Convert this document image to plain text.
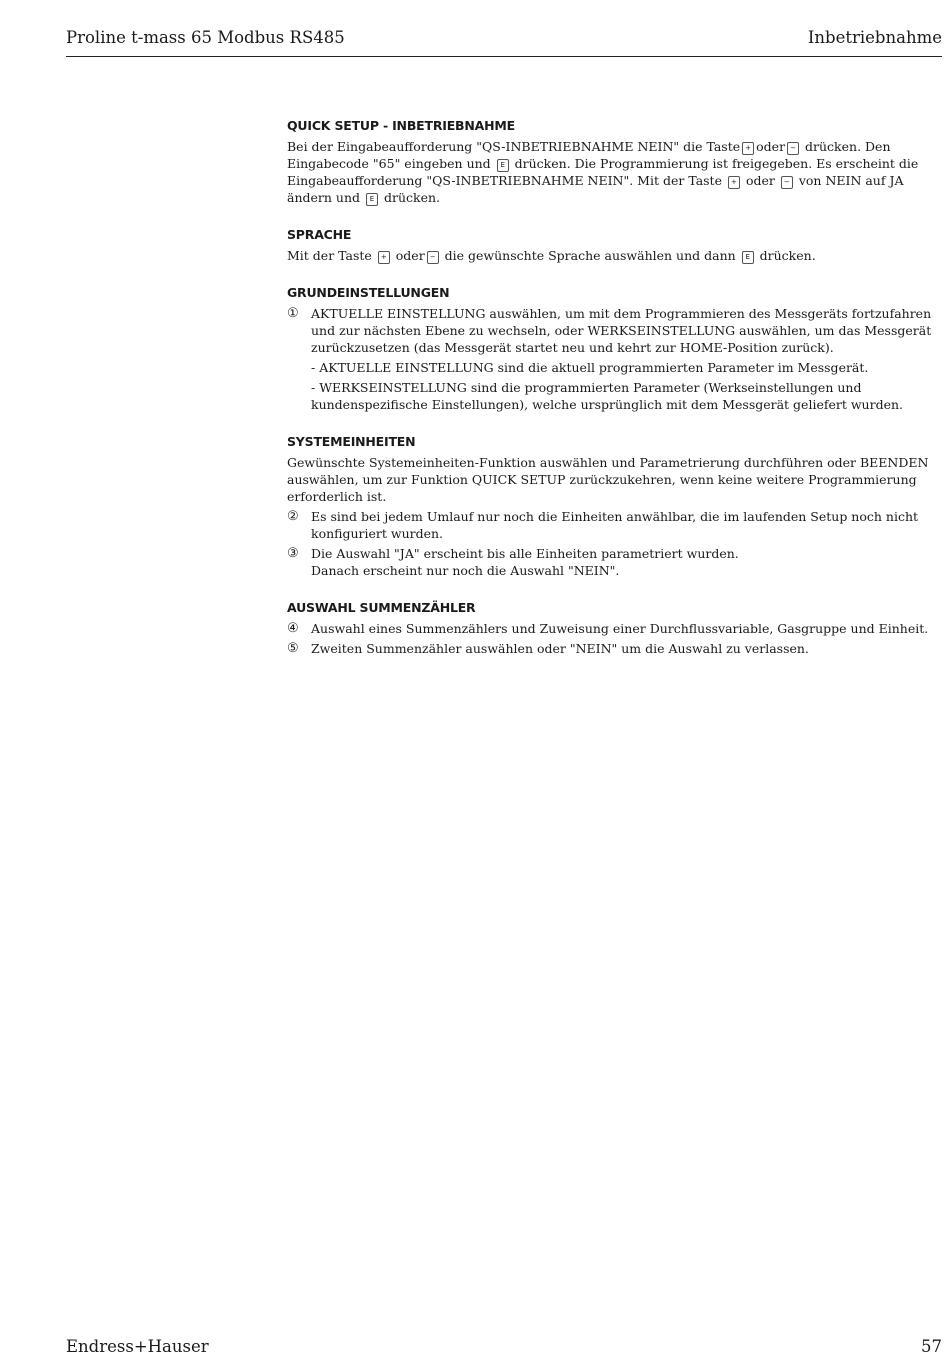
Proline t-mass 65 Modbus RS485	Inbetriebnahme
QUICK SETUP - INBETRIEBNAHME

Bei der Eingabeaufforderung "QS-INBETRIEBNAHME NEIN" die Taste + oder − drücken. Den Eingabecode "65" eingeben und E drücken. Die Programmierung ist freigegeben. Es erscheint die Eingabeaufforderung "QS-INBETRIEBNAHME NEIN". Mit der Taste + oder − von NEIN auf JA ändern und E drücken.

SPRACHE

Mit der Taste + oder − die gewünschte Sprache auswählen und dann E drücken.

GRUNDEINSTELLUNGEN
① AKTUELLE EINSTELLUNG auswählen, um mit dem Programmieren des Messgeräts fortzufahren und zur nächsten Ebene zu wechseln, oder WERKSEINSTELLUNG auswählen, um das Messgerät zurückzusetzen (das Messgerät startet neu und kehrt zur HOME-Position zurück).
- AKTUELLE EINSTELLUNG sind die aktuell programmierten Parameter im Messgerät.
- WERKSEINSTELLUNG sind die programmierten Parameter (Werkseinstellungen und kundenspezifische Einstellungen), welche ursprünglich mit dem Messgerät geliefert wurden.
SYSTEMEINHEITEN

Gewünschte Systemeinheiten-Funktion auswählen und Parametrierung durchführen oder BEENDEN auswählen, um zur Funktion QUICK SETUP zurückzukehren, wenn keine weitere Programmierung erforderlich ist.

② Es sind bei jedem Umlauf nur noch die Einheiten anwählbar, die im laufenden Setup noch nicht konfiguriert wurden.
③ Die Auswahl "JA" erscheint bis alle Einheiten parametriert wurden.
Danach erscheint nur noch die Auswahl "NEIN".
AUSWAHL SUMMENZÄHLER
④ Auswahl eines Summenzählers und Zuweisung einer Durchflussvariable, Gasgruppe und Einheit.
⑤ Zweiten Summenzähler auswählen oder "NEIN" um die Auswahl zu verlassen.
Endress+Hauser	57
